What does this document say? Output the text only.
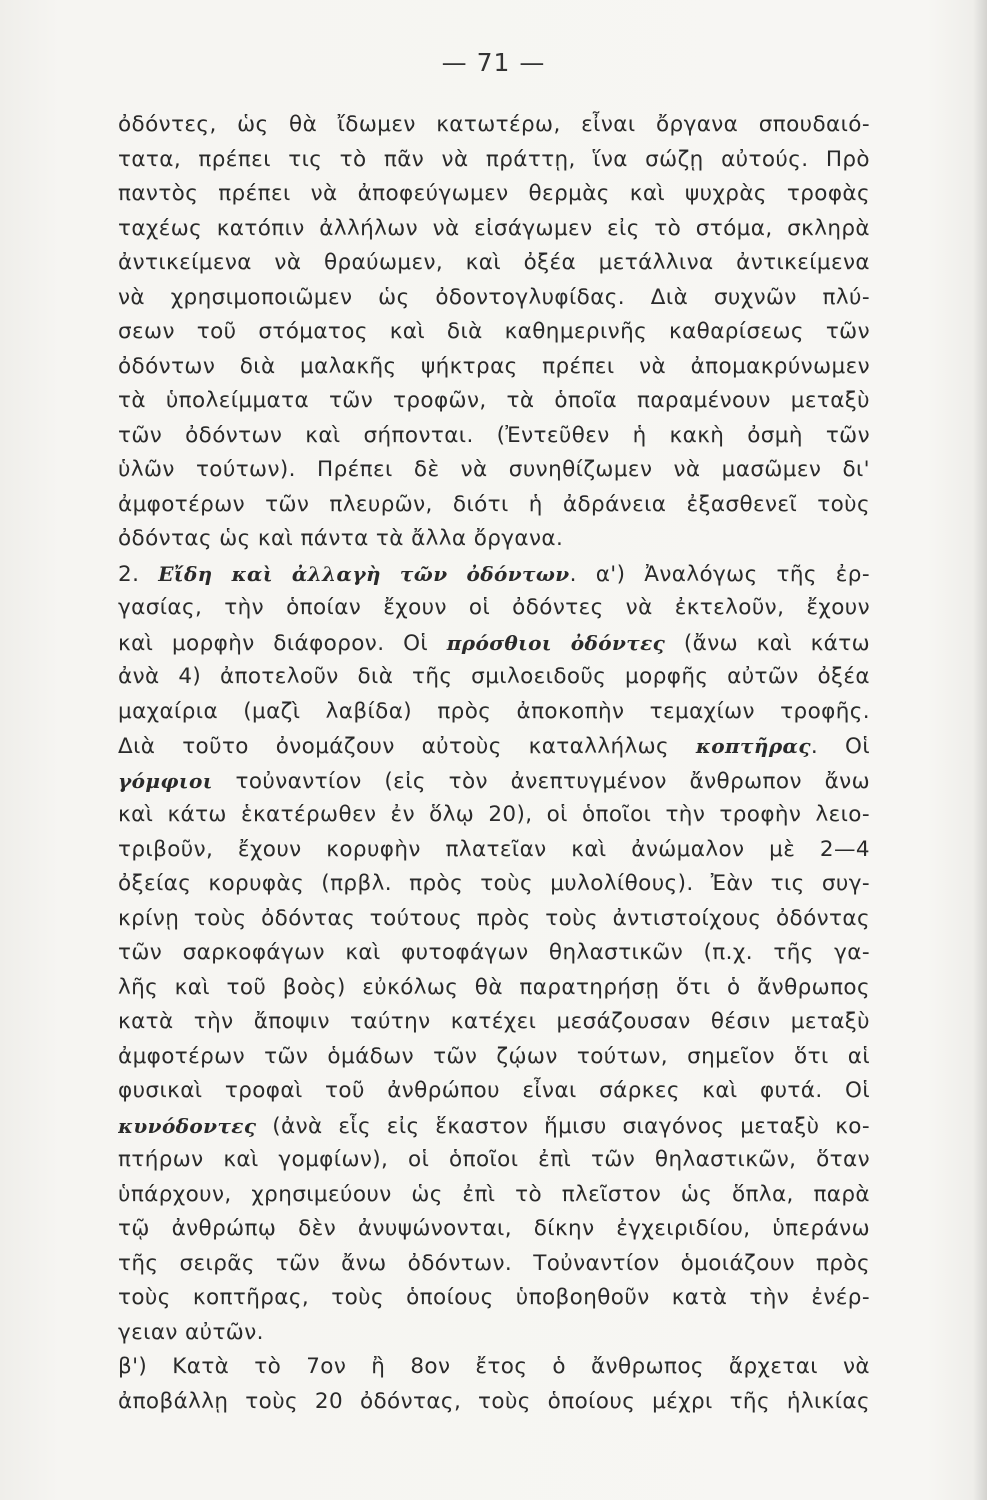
— 71 —
ὀδόντες, ὡς θὰ ἴδωμεν κατωτέρω, εἶναι ὄργανα σπουδαιό-
τατα, πρέπει τις τὸ πᾶν νὰ πράττῃ, ἵνα σώζῃ αὐτούς. Πρὸ
παντὸς πρέπει νὰ ἀποφεύγωμεν θερμὰς καὶ ψυχρὰς τροφὰς
ταχέως κατόπιν ἀλλήλων νὰ εἰσάγωμεν εἰς τὸ στόμα, σκληρὰ
ἀντικείμενα νὰ θραύωμεν, καὶ ὀξέα μετάλλινα ἀντικείμενα
νὰ χρησιμοποιῶμεν ὡς ὀδοντογλυφίδας. Διὰ συχνῶν πλύ-
σεων τοῦ στόματος καὶ διὰ καθημερινῆς καθαρίσεως τῶν
ὀδόντων διὰ μαλακῆς ψήκτρας πρέπει νὰ ἀπομακρύνωμεν
τὰ ὑπολείμματα τῶν τροφῶν, τὰ ὁποῖα παραμένουν μεταξὺ
τῶν ὀδόντων καὶ σήπονται. (Ἐντεῦθεν ἡ κακὴ ὀσμὴ τῶν
ὑλῶν τούτων). Πρέπει δὲ νὰ συνηθίζωμεν νὰ μασῶμεν δι'
ἀμφοτέρων τῶν πλευρῶν, διότι ἡ ἀδράνεια ἐξασθενεῖ τοὺς
ὀδόντας ὡς καὶ πάντα τὰ ἄλλα ὄργανα.
2. Εἴδη καὶ ἀλλαγὴ τῶν ὀδόντων. α') Ἀναλόγως τῆς ἐρ-
γασίας, τὴν ὁποίαν ἔχουν οἱ ὀδόντες νὰ ἐκτελοῦν, ἔχουν
καὶ μορφὴν διάφορον. Οἱ πρόσθιοι ὀδόντες (ἄνω καὶ κάτω
ἀνὰ 4) ἀποτελοῦν διὰ τῆς σμιλοειδοῦς μορφῆς αὐτῶν ὀξέα
μαχαίρια (μαζὶ λαβίδα) πρὸς ἀποκοπὴν τεμαχίων τροφῆς.
Διὰ τοῦτο ὀνομάζουν αὐτοὺς καταλλήλως κοπτῆρας. Οἱ
γόμφιοι τοὐναντίον (εἰς τὸν ἀνεπτυγμένον ἄνθρωπον ἄνω
καὶ κάτω ἑκατέρωθεν ἐν ὅλῳ 20), οἱ ὁποῖοι τὴν τροφὴν λειο-
τριβοῦν, ἔχουν κορυφὴν πλατεῖαν καὶ ἀνώμαλον μὲ 2—4
ὀξείας κορυφὰς (πρβλ. πρὸς τοὺς μυλολίθους). Ἐὰν τις συγ-
κρίνῃ τοὺς ὀδόντας τούτους πρὸς τοὺς ἀντιστοίχους ὀδόντας
τῶν σαρκοφάγων καὶ φυτοφάγων θηλαστικῶν (π.χ. τῆς γα-
λῆς καὶ τοῦ βοὸς) εὐκόλως θὰ παρατηρήσῃ ὅτι ὁ ἄνθρωπος
κατὰ τὴν ἄποψιν ταύτην κατέχει μεσάζουσαν θέσιν μεταξὺ
ἀμφοτέρων τῶν ὁμάδων τῶν ζῴων τούτων, σημεῖον ὅτι αἱ
φυσικαὶ τροφαὶ τοῦ ἀνθρώπου εἶναι σάρκες καὶ φυτά. Οἱ
κυνόδοντες (ἀνὰ εἷς εἰς ἕκαστον ἥμισυ σιαγόνος μεταξὺ κο-
πτήρων καὶ γομφίων), οἱ ὁποῖοι ἐπὶ τῶν θηλαστικῶν, ὅταν
ὑπάρχουν, χρησιμεύουν ὡς ἐπὶ τὸ πλεῖστον ὡς ὅπλα, παρὰ
τῷ ἀνθρώπῳ δὲν ἀνυψώνονται, δίκην ἐγχειριδίου, ὑπεράνω
τῆς σειρᾶς τῶν ἄνω ὀδόντων. Τοὐναντίον ὁμοιάζουν πρὸς
τοὺς κοπτῆρας, τοὺς ὁποίους ὑποβοηθοῦν κατὰ τὴν ἐνέρ-
γειαν αὐτῶν.
β') Κατὰ τὸ 7ον ἢ 8ον ἔτος ὁ ἄνθρωπος ἄρχεται νὰ
ἀποβάλλῃ τοὺς 20 ὀδόντας, τοὺς ὁποίους μέχρι τῆς ἡλικίας
